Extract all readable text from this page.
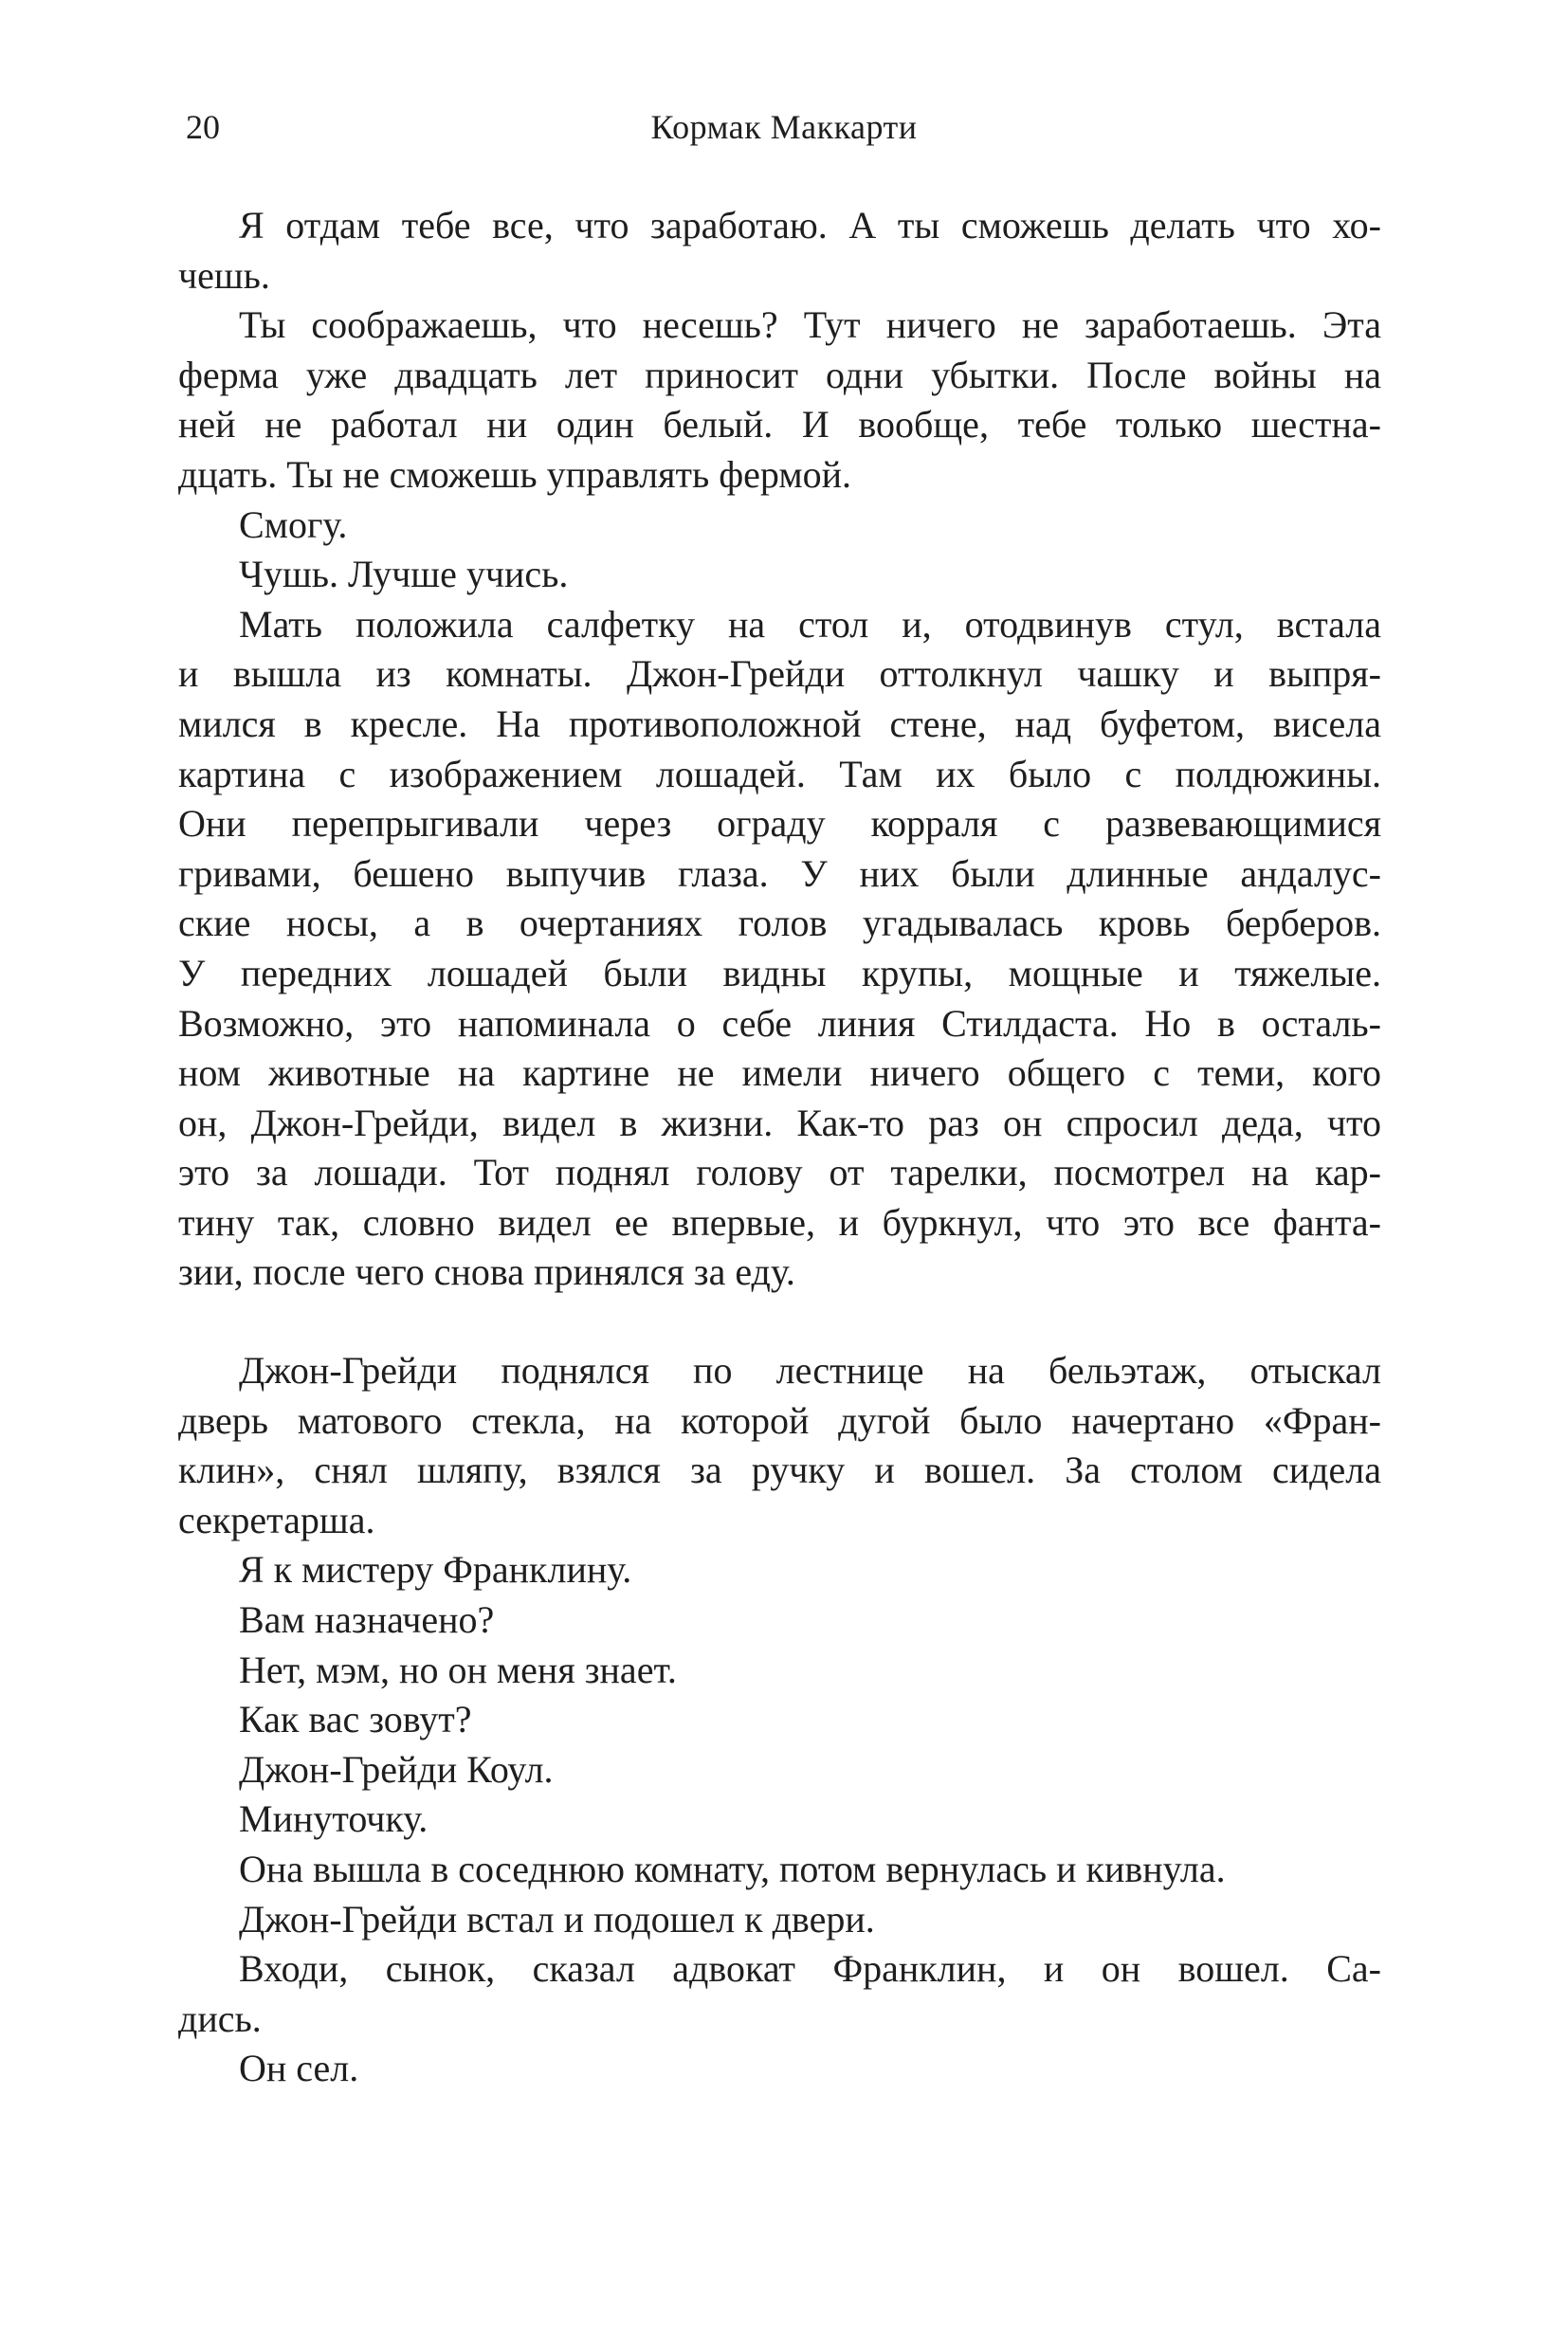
20	Кормак Маккарти
Я отдам тебе все, что заработаю. А ты сможешь делать что хо-
чешь.
Ты соображаешь, что несешь? Тут ничего не заработаешь. Эта
ферма уже двадцать лет приносит одни убытки. После войны на
ней не работал ни один белый. И вообще, тебе только шестна-
дцать. Ты не сможешь управлять фермой.
Смогу.
Чушь. Лучше учись.
Мать положила салфетку на стол и, отодвинув стул, встала
и вышла из комнаты. Джон-Грейди оттолкнул чашку и выпря-
мился в кресле. На противоположной стене, над буфетом, висела
картина с изображением лошадей. Там их было с полдюжины.
Они перепрыгивали через ограду корраля с развевающимися
гривами, бешено выпучив глаза. У них были длинные андалус-
ские носы, а в очертаниях голов угадывалась кровь берберов.
У передних лошадей были видны крупы, мощные и тяжелые.
Возможно, это напоминала о себе линия Стилдаста. Но в осталь-
ном животные на картине не имели ничего общего с теми, кого
он, Джон-Грейди, видел в жизни. Как-то раз он спросил деда, что
это за лошади. Тот поднял голову от тарелки, посмотрел на кар-
тину так, словно видел ее впервые, и буркнул, что это все фанта-
зии, после чего снова принялся за еду.
Джон-Грейди поднялся по лестнице на бельэтаж, отыскал
дверь матового стекла, на которой дугой было начертано «Фран-
клин», снял шляпу, взялся за ручку и вошел. За столом сидела
секретарша.
Я к мистеру Франклину.
Вам назначено?
Нет, мэм, но он меня знает.
Как вас зовут?
Джон-Грейди Коул.
Минуточку.
Она вышла в соседнюю комнату, потом вернулась и кивнула.
Джон-Грейди встал и подошел к двери.
Входи, сынок, сказал адвокат Франклин, и он вошел. Са-
дись.
Он сел.
